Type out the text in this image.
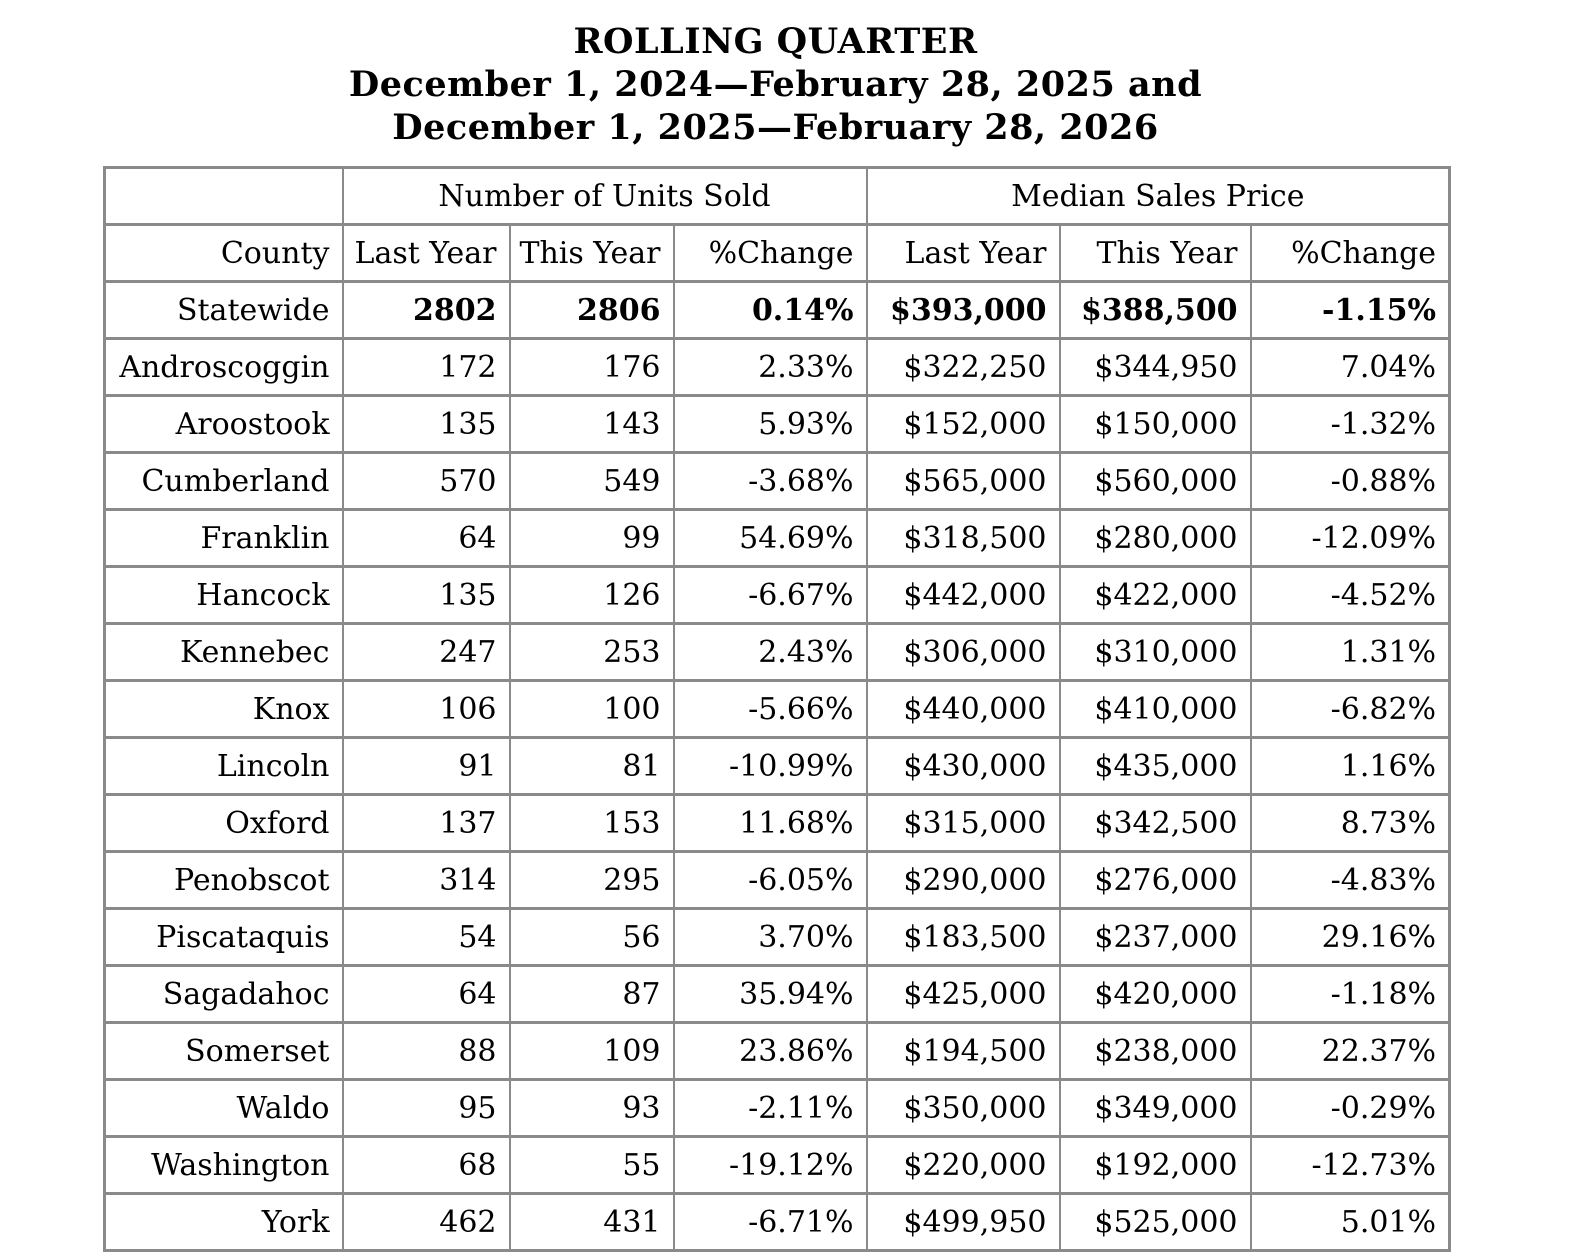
ROLLING QUARTER
December 1, 2024—February 28, 2025 and
December 1, 2025—February 28, 2026
	Number of Units Sold			Median Sales Price		
County	Last Year	This Year	%Change	Last Year	This Year	%Change
Statewide	2802	2806	0.14%	$393,000	$388,500	-1.15%
Androscoggin	172	176	2.33%	$322,250	$344,950	7.04%
Aroostook	135	143	5.93%	$152,000	$150,000	-1.32%
Cumberland	570	549	-3.68%	$565,000	$560,000	-0.88%
Franklin	64	99	54.69%	$318,500	$280,000	-12.09%
Hancock	135	126	-6.67%	$442,000	$422,000	-4.52%
Kennebec	247	253	2.43%	$306,000	$310,000	1.31%
Knox	106	100	-5.66%	$440,000	$410,000	-6.82%
Lincoln	91	81	-10.99%	$430,000	$435,000	1.16%
Oxford	137	153	11.68%	$315,000	$342,500	8.73%
Penobscot	314	295	-6.05%	$290,000	$276,000	-4.83%
Piscataquis	54	56	3.70%	$183,500	$237,000	29.16%
Sagadahoc	64	87	35.94%	$425,000	$420,000	-1.18%
Somerset	88	109	23.86%	$194,500	$238,000	22.37%
Waldo	95	93	-2.11%	$350,000	$349,000	-0.29%
Washington	68	55	-19.12%	$220,000	$192,000	-12.73%
York	462	431	-6.71%	$499,950	$525,000	5.01%
